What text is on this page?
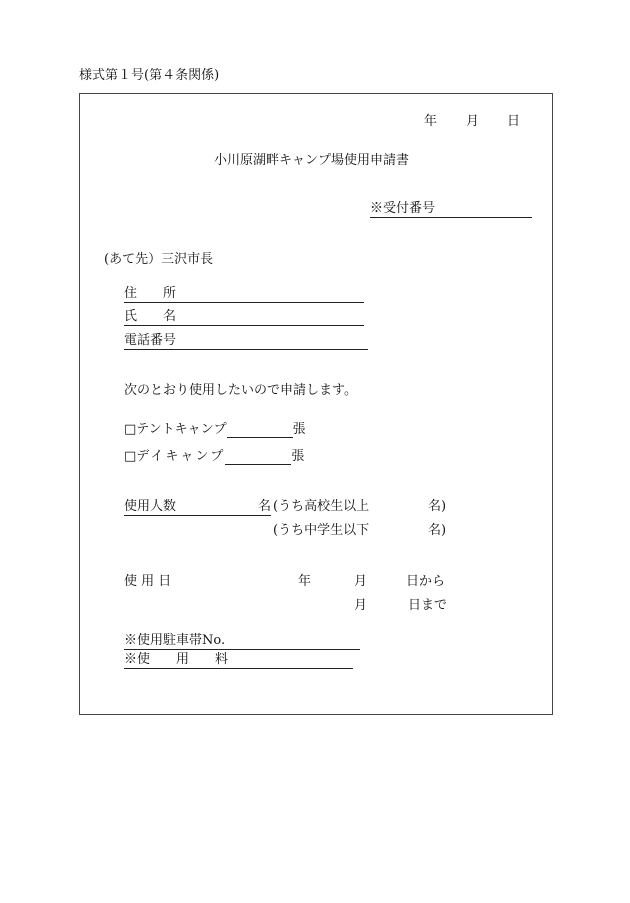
様式第１号(第４条関係)
年 月 日
小川原湖畔キャンプ場使用申請書
※受付番号
(あて先）三沢市長
住　　所
氏　　名
電話番号
次のとおり使用したいので申請します。
□テントキャンプ	張
□デイキャンプ	張
使用人数	名 (うち高校生以上	名)
(うち中学生以下	名)
使 用 日	年	月	日から
月	日まで
※使用駐車帯No.
※使　　用　　料
